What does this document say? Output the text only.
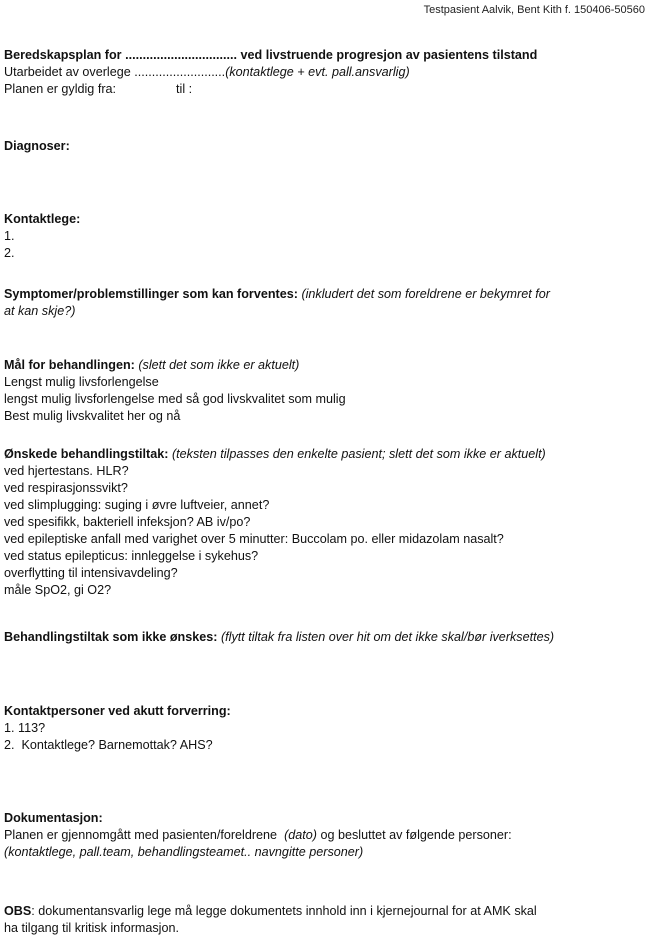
Testpasient Aalvik, Bent Kith f. 150406-50560
Beredskapsplan for ................................ ved livstruende progresjon av pasientens tilstand
Utarbeidet av overlege ..........................(kontaktlege + evt. pall.ansvarlig)
Planen er gyldig fra:	til :
Diagnoser:
Kontaktlege:
1.
2.
Symptomer/problemstillinger som kan forventes: (inkludert det som foreldrene er bekymret for
at kan skje?)
Mål for behandlingen: (slett det som ikke er aktuelt)
Lengst mulig livsforlengelse
lengst mulig livsforlengelse med så god livskvalitet som mulig
Best mulig livskvalitet her og nå
Ønskede behandlingstiltak: (teksten tilpasses den enkelte pasient; slett det som ikke er aktuelt)
ved hjertestans. HLR?
ved respirasjonssvikt?
ved slimplugging: suging i øvre luftveier, annet?
ved spesifikk, bakteriell infeksjon? AB iv/po?
ved epileptiske anfall med varighet over 5 minutter: Buccolam po. eller midazolam nasalt?
ved status epilepticus: innleggelse i sykehus?
overflytting til intensivavdeling?
måle SpO2, gi O2?
Behandlingstiltak som ikke ønskes: (flytt tiltak fra listen over hit om det ikke skal/bør iverksettes)
Kontaktpersoner ved akutt forverring:
1. 113?
2.  Kontaktlege? Barnemottak? AHS?
Dokumentasjon:
Planen er gjennomgått med pasienten/foreldrene (dato) og besluttet av følgende personer:
(kontaktlege, pall.team, behandlingsteamet.. navngitte personer)
OBS: dokumentansvarlig lege må legge dokumentets innhold inn i kjernejournal for at AMK skal
ha tilgang til kritisk informasjon.
